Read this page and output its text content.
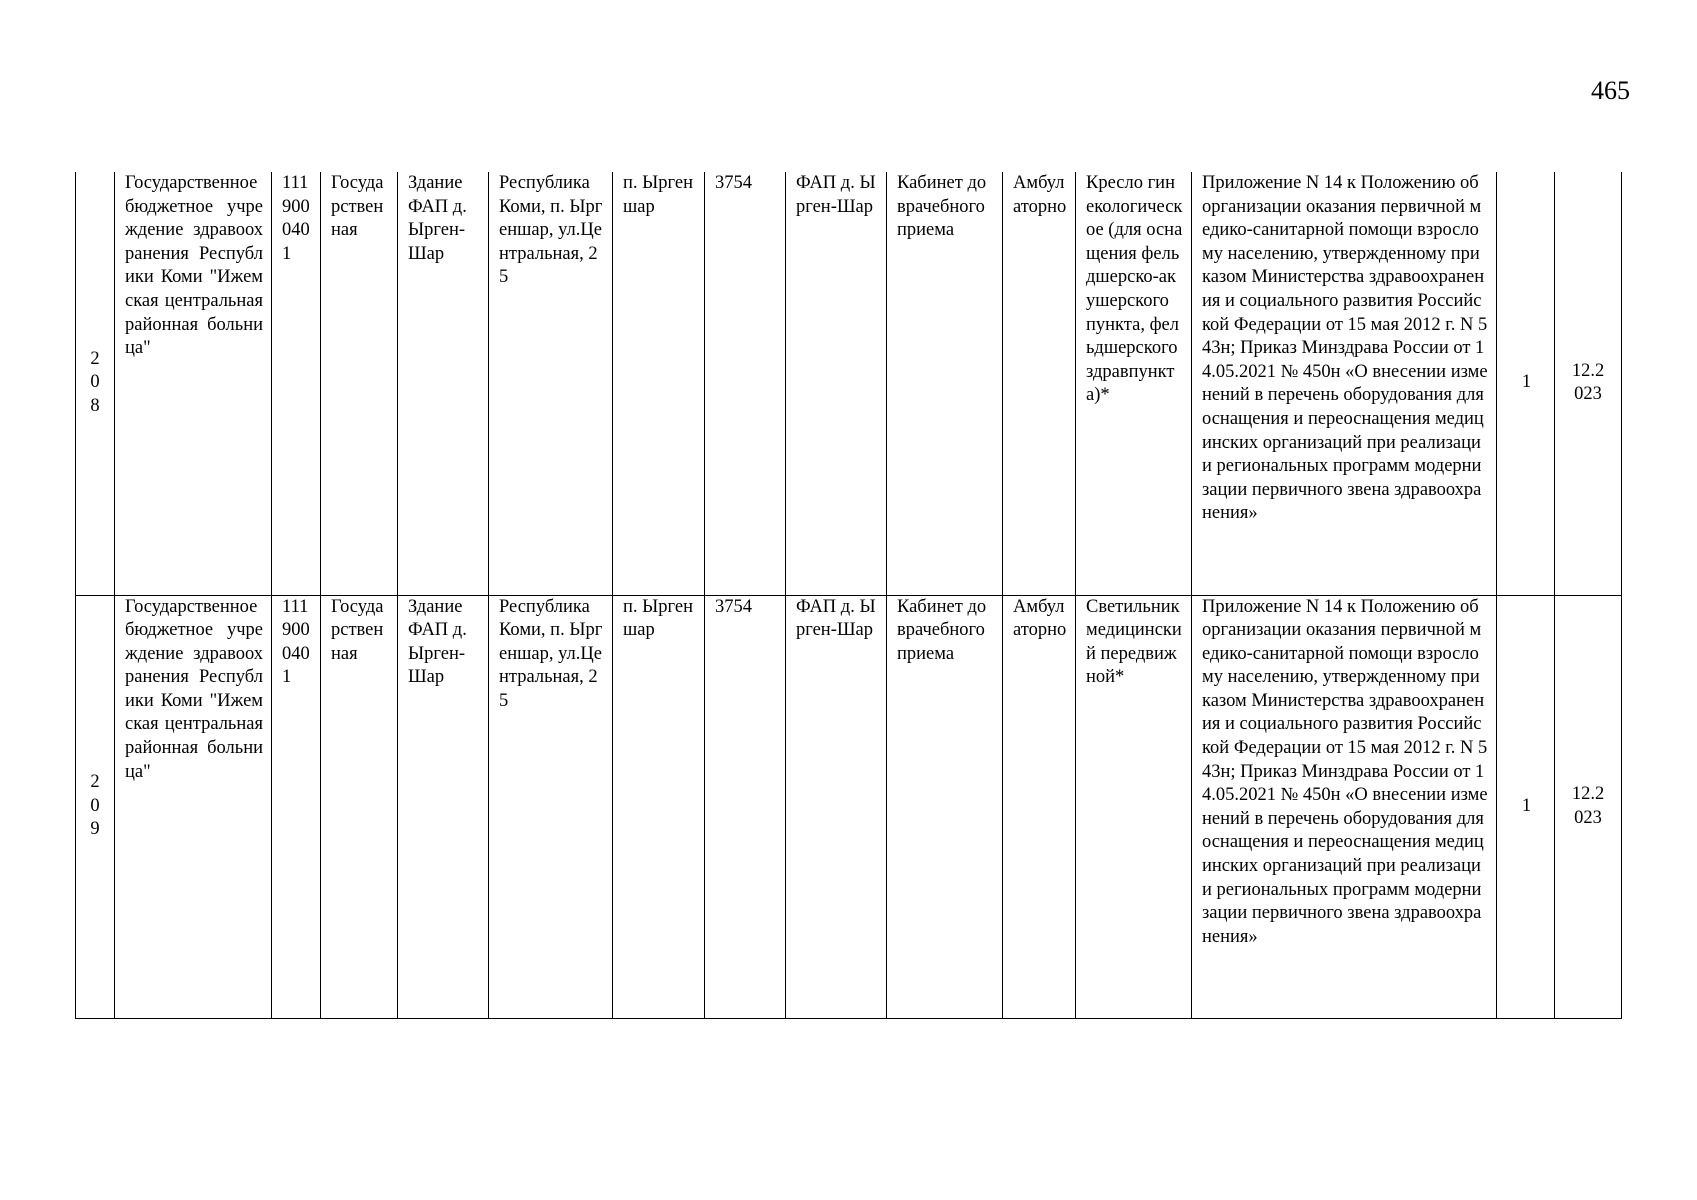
465
208	Государственное бюджетное учреждение здравоохранения Республики Коми "Ижемская центральная районная больница"	1119000401	Государственная	Здание ФАП д. Ырген-Шар	Республика Коми, п. Ыргеншар, ул.Центральная, 25	п. Ыргеншар	3754	ФАП д. Ырген-Шар	Кабинет доврачебного приема	Амбулаторно	Кресло гинекологическое (для оснащения фельдшерско-акушерского пункта, фельдшерского здравпункта)*	Приложение N 14 к Положению об организации оказания первичной медико-санитарной помощи взрослому населению, утвержденному приказом Министерства здравоохранения и социального развития Российской Федерации от 15 мая 2012 г. N 543н; Приказ Минздрава России от 14.05.2021 № 450н «О внесении изменений в перечень оборудования для оснащения и переоснащения медицинских организаций при реализации региональных программ модернизации первичного звена здравоохранения»	1	12.2023

209	Государственное бюджетное учреждение здравоохранения Республики Коми "Ижемская центральная районная больница"	1119000401	Государственная	Здание ФАП д. Ырген-Шар	Республика Коми, п. Ыргеншар, ул.Центральная, 25	п. Ыргеншар	3754	ФАП д. Ырген-Шар	Кабинет доврачебного приема	Амбулаторно	Светильник медицинский передвижной*	Приложение N 14 к Положению об организации оказания первичной медико-санитарной помощи взрослому населению, утвержденному приказом Министерства здравоохранения и социального развития Российской Федерации от 15 мая 2012 г. N 543н; Приказ Минздрава России от 14.05.2021 № 450н «О внесении изменений в перечень оборудования для оснащения и переоснащения медицинских организаций при реализации региональных программ модернизации первичного звена здравоохранения»	1	12.2023
